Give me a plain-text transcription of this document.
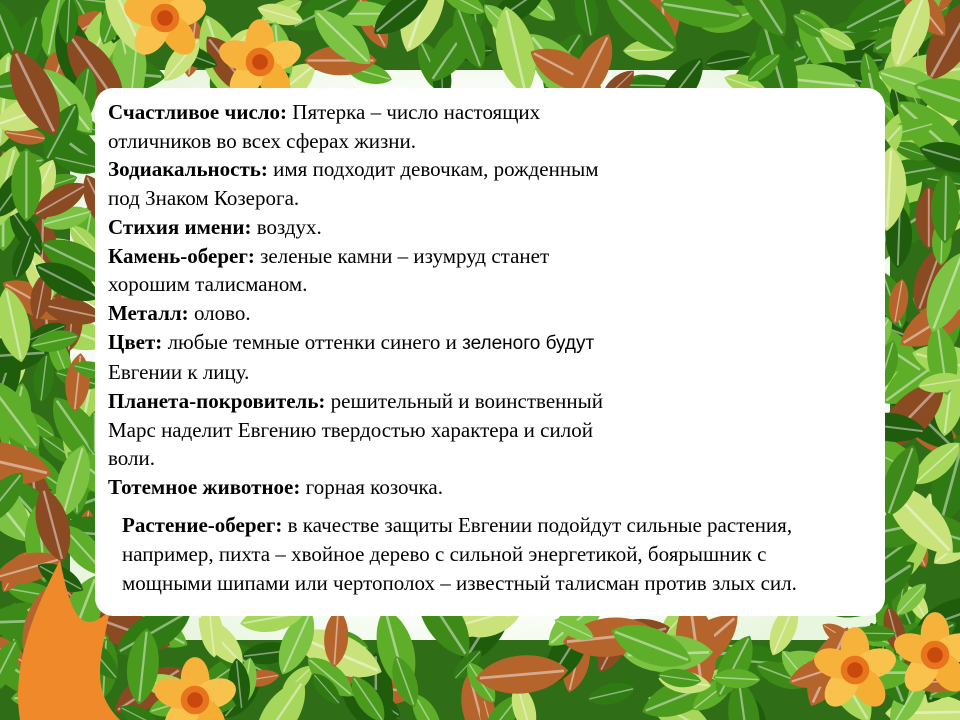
Счастливое число: Пятерка – число настоящих
отличников во всех сферах жизни.
Зодиакальность: имя подходит девочкам, рожденным
под Знаком Козерога.
Стихия имени: воздух.
Камень-оберег: зеленые камни – изумруд станет
хорошим талисманом.
Металл: олово.
Цвет: любые темные оттенки синего и зеленого будут
Евгении к лицу.
Планета-покровитель: решительный и воинственный
Марс наделит Евгению твердостью характера и силой
воли.
Тотемное животное: горная козочка.
Растение-оберег: в качестве защиты Евгении подойдут сильные растения,
например, пихта – хвойное дерево с сильной энергетикой, боярышник с
мощными шипами или чертополох – известный талисман против злых сил.
